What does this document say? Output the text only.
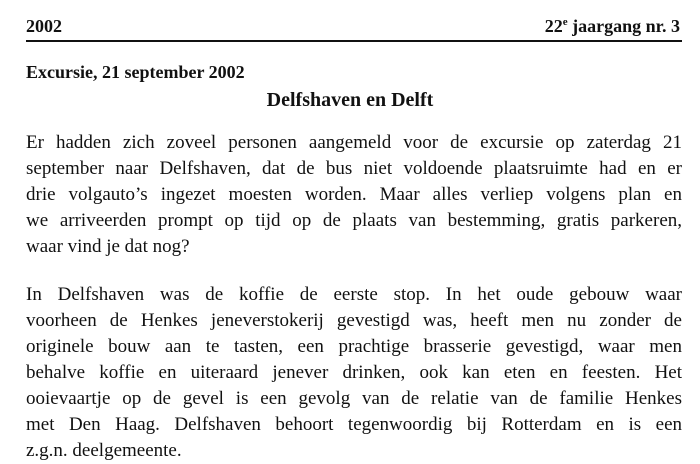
2002	22e jaargang nr. 3
Excursie, 21 september 2002
Delfshaven en Delft
Er hadden zich zoveel personen aangemeld voor de excursie op zaterdag 21
september naar Delfshaven, dat de bus niet voldoende plaatsruimte had en er
drie volgauto’s ingezet moesten worden. Maar alles verliep volgens plan en
we arriveerden prompt op tijd op de plaats van bestemming, gratis parkeren,
waar vind je dat nog?
In Delfshaven was de koffie de eerste stop. In het oude gebouw waar
voorheen de Henkes jeneverstokerij gevestigd was, heeft men nu zonder de
originele bouw aan te tasten, een prachtige brasserie gevestigd, waar men
behalve koffie en uiteraard jenever drinken, ook kan eten en feesten. Het
ooievaartje op de gevel is een gevolg van de relatie van de familie Henkes
met Den Haag. Delfshaven behoort tegenwoordig bij Rotterdam en is een
z.g.n. deelgemeente.
